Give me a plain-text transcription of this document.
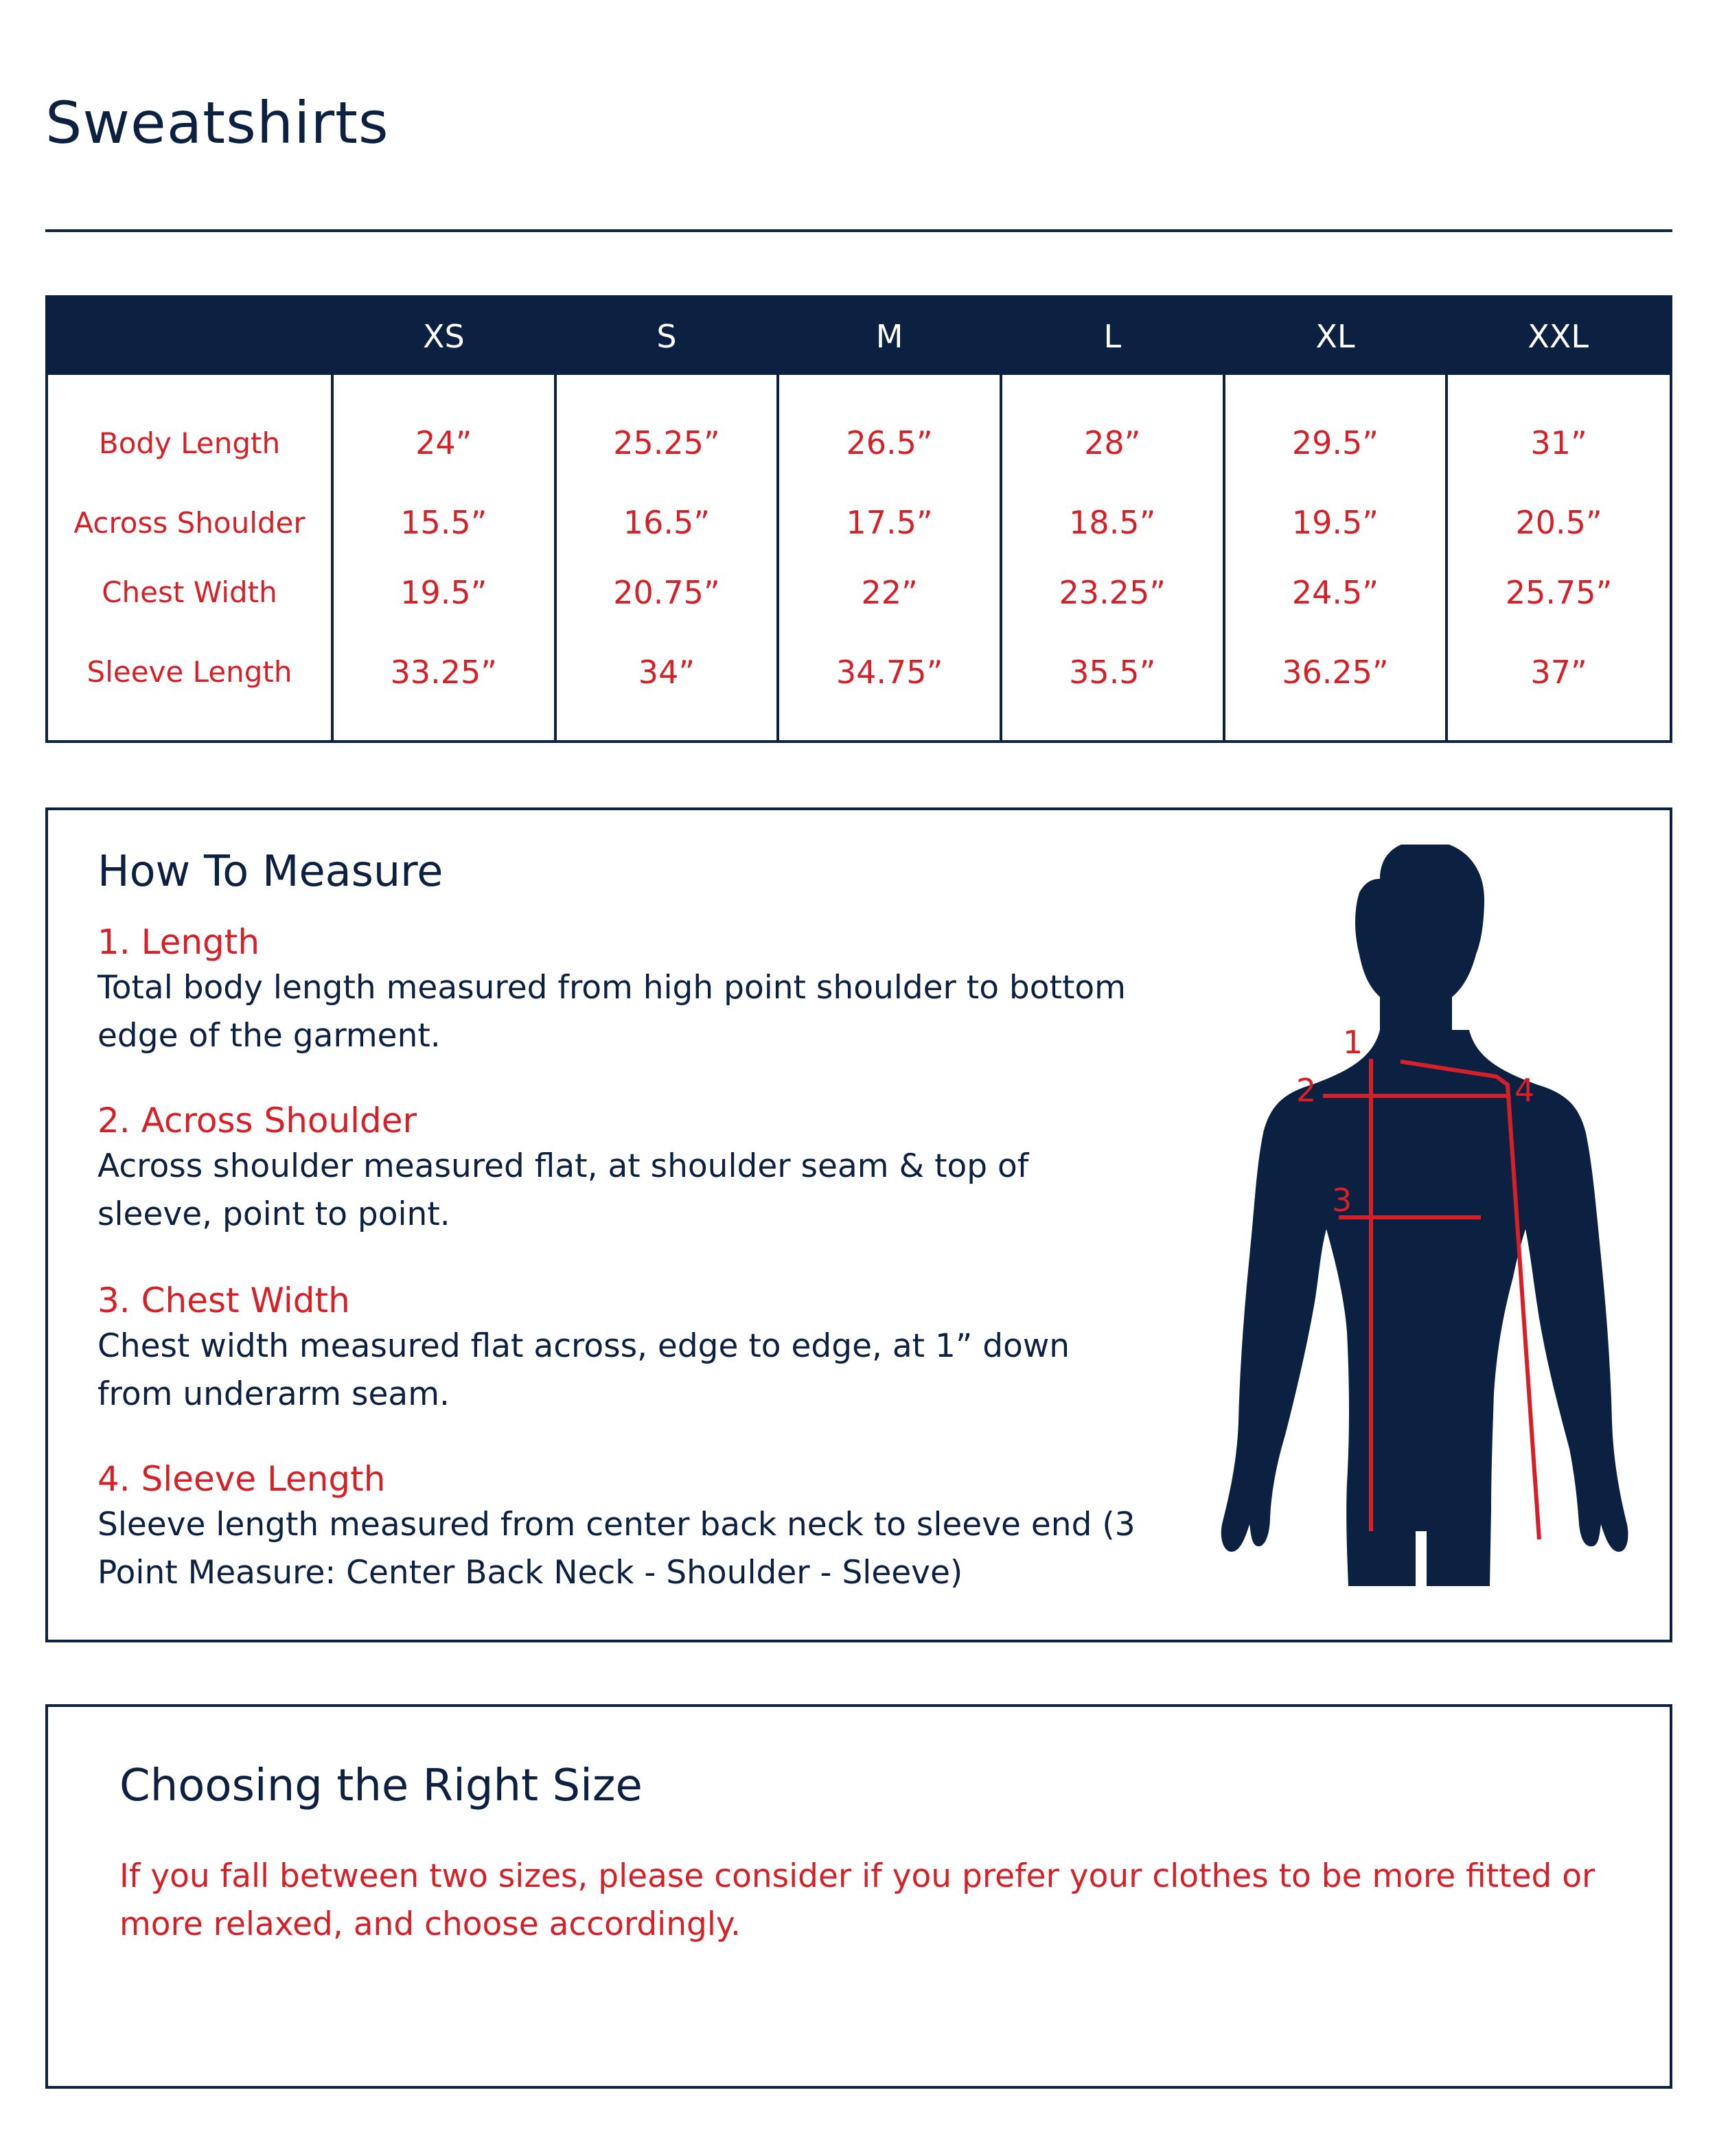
Sweatshirts
	XS	S	M	L	XL	XXL
Body Length	24”	25.25”	26.5”	28”	29.5”	31”
Across Shoulder	15.5”	16.5”	17.5”	18.5”	19.5”	20.5”
Chest Width	19.5”	20.75”	22”	23.25”	24.5”	25.75”
Sleeve Length	33.25”	34”	34.75”	35.5”	36.25”	37”
How To Measure
1. Length
Total body length measured from high point shoulder to bottom edge of the garment.
2. Across Shoulder
Across shoulder measured flat, at shoulder seam & top of sleeve, point to point.
3. Chest Width
Chest width measured flat across, edge to edge, at 1” down from underarm seam.
4. Sleeve Length
Sleeve length measured from center back neck to sleeve end (3 Point Measure: Center Back Neck - Shoulder - Sleeve)
1
2
3
4
Choosing the Right Size
If you fall between two sizes, please consider if you prefer your clothes to be more fitted or more relaxed, and choose accordingly.
